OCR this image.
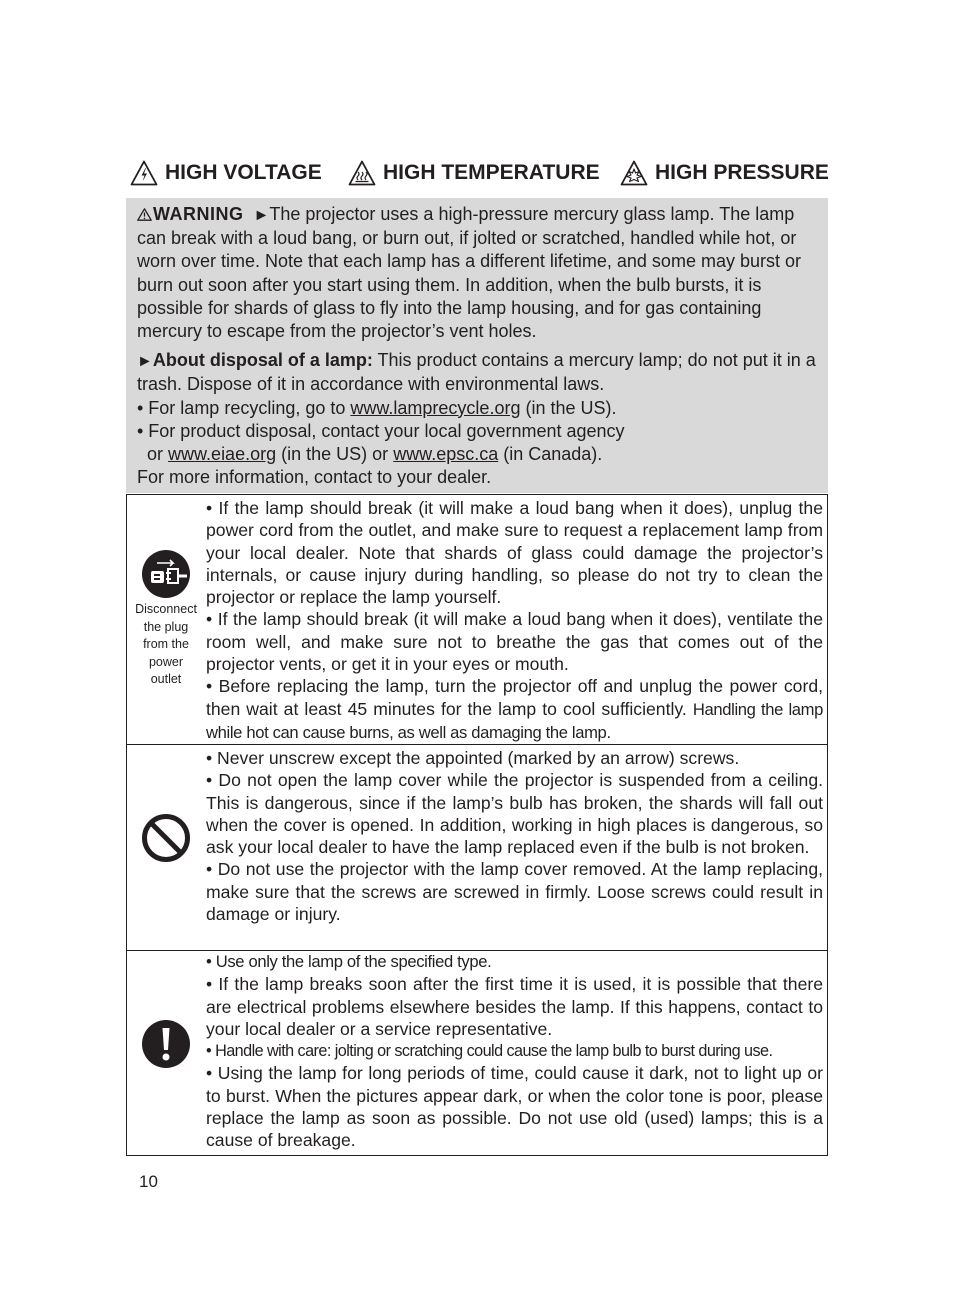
HIGH VOLTAGE	HIGH TEMPERATURE	HIGH PRESSURE

WARNING ►The projector uses a high-pressure mercury glass lamp. The lamp can break with a loud bang, or burn out, if jolted or scratched, handled while hot, or worn over time. Note that each lamp has a different lifetime, and some may burst or burn out soon after you start using them. In addition, when the bulb bursts, it is possible for shards of glass to fly into the lamp housing, and for gas containing mercury to escape from the projector’s vent holes.

►About disposal of a lamp: This product contains a mercury lamp; do not put it in a trash. Dispose of it in accordance with environmental laws.

• For lamp recycling, go to www.lamprecycle.org (in the US).

• For product disposal, contact your local government agency

or www.eiae.org (in the US) or www.epsc.ca (in Canada).

For more information, contact to your dealer.

Disconnect
the plug
from the
power
outlet

• If the lamp should break (it will make a loud bang when it does), unplug the power cord from the outlet, and make sure to request a replacement lamp from your local dealer. Note that shards of glass could damage the projector’s internals, or cause injury during handling, so please do not try to clean the projector or replace the lamp yourself.

• If the lamp should break (it will make a loud bang when it does), ventilate the room well, and make sure not to breathe the gas that comes out of the projector vents, or get it in your eyes or mouth.

• Before replacing the lamp, turn the projector off and unplug the power cord, then wait at least 45 minutes for the lamp to cool sufficiently. Handling the lamp while hot can cause burns, as well as damaging the lamp.

• Never unscrew except the appointed (marked by an arrow) screws.

• Do not open the lamp cover while the projector is suspended from a ceiling. This is dangerous, since if the lamp’s bulb has broken, the shards will fall out when the cover is opened. In addition, working in high places is dangerous, so ask your local dealer to have the lamp replaced even if the bulb is not broken.

• Do not use the projector with the lamp cover removed. At the lamp replacing, make sure that the screws are screwed in firmly. Loose screws could result in damage or injury.

• Use only the lamp of the specified type.

• If the lamp breaks soon after the first time it is used, it is possible that there are electrical problems elsewhere besides the lamp. If this happens, contact to your local dealer or a service representative.

• Handle with care: jolting or scratching could cause the lamp bulb to burst during use.

• Using the lamp for long periods of time, could cause it dark, not to light up or to burst. When the pictures appear dark, or when the color tone is poor, please replace the lamp as soon as possible. Do not use old (used) lamps; this is a cause of breakage.

10
